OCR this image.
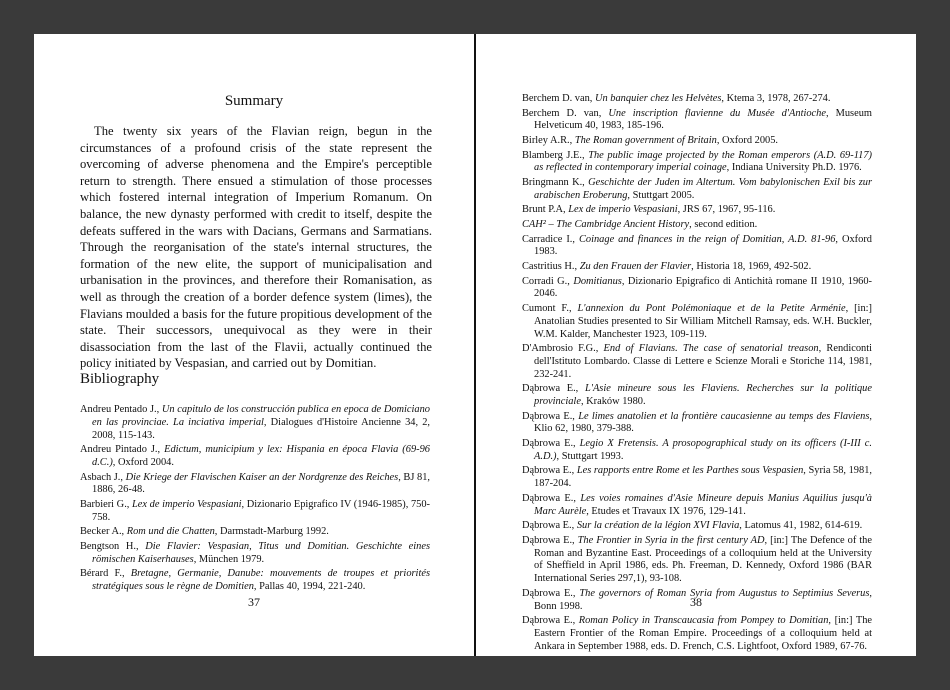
Summary

The twenty six years of the Flavian reign, begun in the circumstances of a profound crisis of the state represent the overcoming of adverse phenomena and the Empire's perceptible return to strength. There ensued a stimulation of those processes which fostered internal integration of Imperium Romanum. On balance, the new dynasty performed with credit to itself, despite the defeats suffered in the wars with Dacians, Germans and Sarmatians. Through the reorganisation of the state's internal structures, the formation of the new elite, the support of municipalisation and urbanisation in the provinces, and therefore their Romanisation, as well as through the creation of a border defence system (limes), the Flavians moulded a basis for the future propitious development of the state. Their successors, unequivocal as they were in their disassociation from the last of the Flavii, actually continued the policy initiated by Vespasian, and carried out by Domitian.

Bibliography
Andreu Pentado J., Un capitulo de los construcción publica en epoca de Domiciano en las provinciae. La inciativa imperial, Dialogues d'Histoire Ancienne 34, 2, 2008, 115-143.
Andreu Pintado J., Edictum, municipium y lex: Hispania en época Flavia (69-96 d.C.), Oxford 2004.
Asbach J., Die Kriege der Flavischen Kaiser an der Nordgrenze des Reiches, BJ 81, 1886, 26-48.
Barbieri G., Lex de imperio Vespasiani, Dizionario Epigrafico IV (1946-1985), 750-758.
Becker A., Rom und die Chatten, Darmstadt-Marburg 1992.
Bengtson H., Die Flavier: Vespasian, Titus und Domitian. Geschichte eines römischen Kaiserhauses, München 1979.
Bérard F., Bretagne, Germanie, Danube: mouvements de troupes et priorités stratégiques sous le règne de Domitien, Pallas 40, 1994, 221-240.
37
Berchem D. van, Un banquier chez les Helvètes, Ktema 3, 1978, 267-274.
Berchem D. van, Une inscription flavienne du Musée d'Antioche, Museum Helveticum 40, 1983, 185-196.
Birley A.R., The Roman government of Britain, Oxford 2005.
Blamberg J.E., The public image projected by the Roman emperors (A.D. 69-117) as reflected in contemporary imperial coinage, Indiana University Ph.D. 1976.
Bringmann K., Geschichte der Juden im Altertum. Vom babylonischen Exil bis zur arabischen Eroberung, Stuttgart 2005.
Brunt P.A, Lex de imperio Vespasiani, JRS 67, 1967, 95-116.
CAH² – The Cambridge Ancient History, second edition.
Carradice I., Coinage and finances in the reign of Domitian, A.D. 81-96, Oxford 1983.
Castritius H., Zu den Frauen der Flavier, Historia 18, 1969, 492-502.
Corradi G., Domitianus, Dizionario Epigrafico di Antichità romane II 1910, 1960-2046.
Cumont F., L'annexion du Pont Polémoniaque et de la Petite Arménie, [in:] Anatolian Studies presented to Sir William Mitchell Ramsay, eds. W.H. Buckler, W.M. Kalder, Manchester 1923, 109-119.
D'Ambrosio F.G., End of Flavians. The case of senatorial treason, Rendiconti dell'Istituto Lombardo. Classe di Lettere e Scienze Morali e Storiche 114, 1981, 232-241.
Dąbrowa E., L'Asie mineure sous les Flaviens. Recherches sur la politique provinciale, Kraków 1980.
Dąbrowa E., Le limes anatolien et la frontière caucasienne au temps des Flaviens, Klio 62, 1980, 379-388.
Dąbrowa E., Legio X Fretensis. A prosopographical study on its officers (I-III c. A.D.), Stuttgart 1993.
Dąbrowa E., Les rapports entre Rome et les Parthes sous Vespasien, Syria 58, 1981, 187-204.
Dąbrowa E., Les voies romaines d'Asie Mineure depuis Manius Aquilius jusqu'à Marc Aurèle, Etudes et Travaux IX 1976, 129-141.
Dąbrowa E., Sur la création de la légion XVI Flavia, Latomus 41, 1982, 614-619.
Dąbrowa E., The Frontier in Syria in the first century AD, [in:] The Defence of the Roman and Byzantine East. Proceedings of a colloquium held at the University of Sheffield in April 1986, eds. Ph. Freeman, D. Kennedy, Oxford 1986 (BAR International Series 297,1), 93-108.
Dąbrowa E., The governors of Roman Syria from Augustus to Septimius Severus, Bonn 1998.
Dąbrowa E., Roman Policy in Transcaucasia from Pompey to Domitian, [in:] The Eastern Frontier of the Roman Empire. Proceedings of a colloquium held at Ankara in September 1988, eds. D. French, C.S. Lightfoot, Oxford 1989, 67-76.
38
